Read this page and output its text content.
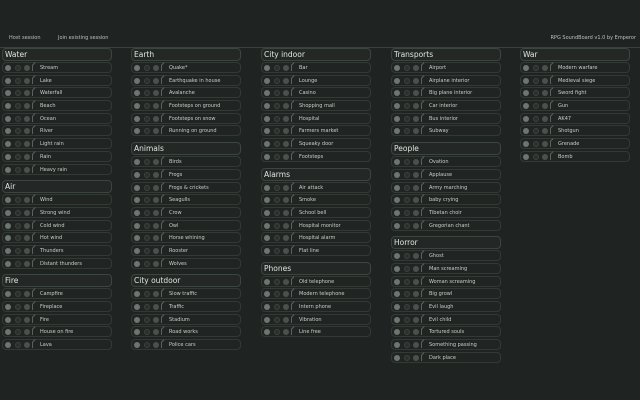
Host session	Join existing session	RPG SoundBoard v1.0 by Emperor
Water
Stream
Lake
Waterfall
Beach
Ocean
River
Light rain
Rain
Heavy rain
Air
Wind
Strong wind
Cold wind
Hot wind
Thunders
Distant thunders
Fire
Campfire
Fireplace
Fire
House on fire
Lava
Earth
Quake*
Earthquake in house
Avalanche
Footsteps on ground
Footsteps on snow
Running on ground
Animals
Birds
Frogs
Frogs & crickets
Seagulls
Crow
Owl
Horse whining
Rooster
Wolves
City outdoor
Slow traffic
Traffic
Stadium
Road works
Police cars
City indoor
Bar
Lounge
Casino
Shopping mall
Hospital
Farmers market
Squeaky door
Footsteps
Alarms
Air attack
Smoke
School bell
Hospital monitor
Hospital alarm
Flat line
Phones
Old telephone
Modern telephone
Intern phone
Vibration
Line free
Transports
Airport
Airplane interior
Big plane interior
Car interior
Bus interior
Subway
People
Ovation
Applause
Army marching
baby crying
Tibetan choir
Gregorian chant
Horror
Ghost
Man screaming
Woman screaming
Big growl
Evil laugh
Evil child
Tortured souls
Something passing
Dark place
War
Modern warfare
Medieval siege
Sword fight
Gun
AK47
Shotgun
Grenade
Bomb
